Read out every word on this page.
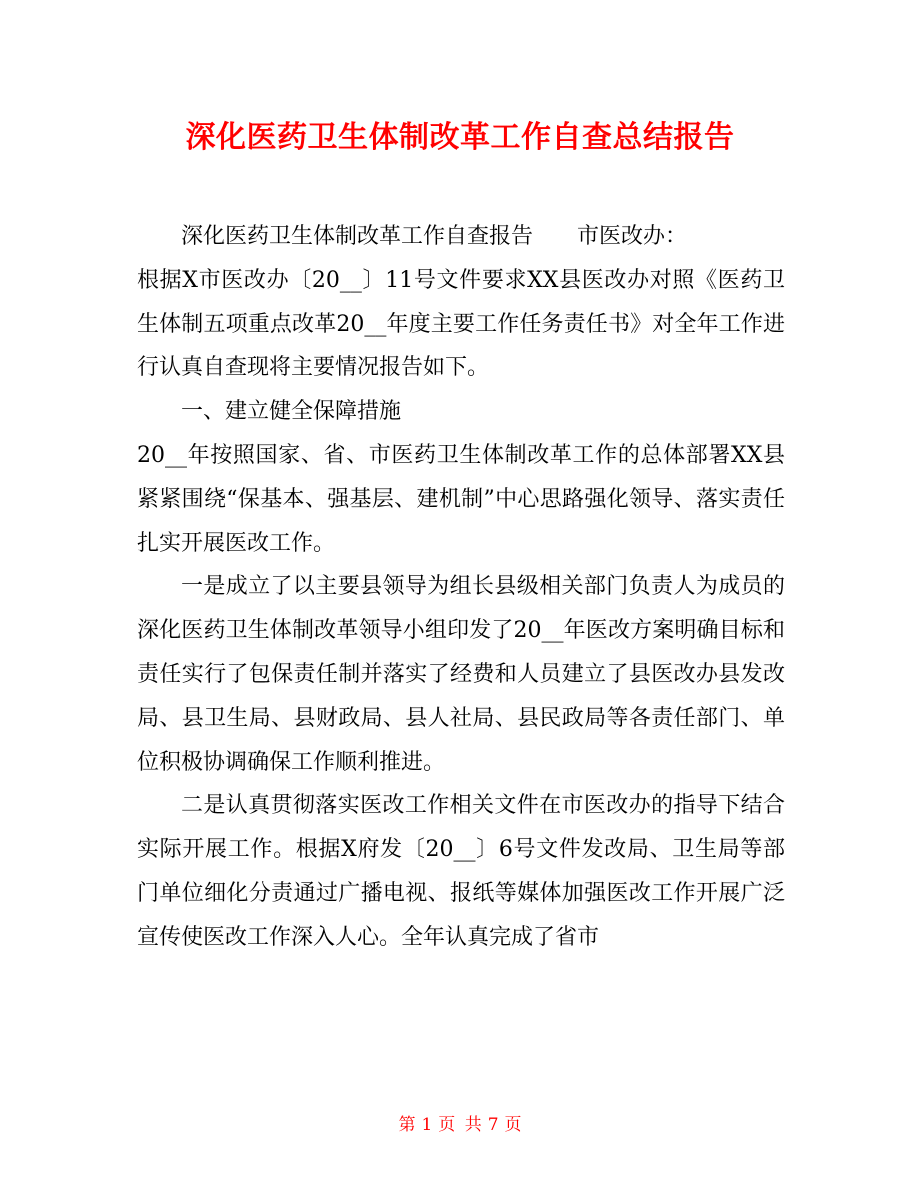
深化医药卫生体制改革工作自查总结报告

深化医药卫生体制改革工作自查报告　　市医改办：

根据X市医改办〔20__〕11号文件要求XX县医改办对照《医药卫生体制五项重点改革20__年度主要工作任务责任书》对全年工作进行认真自查现将主要情况报告如下。

一、建立健全保障措施

20__年按照国家、省、市医药卫生体制改革工作的总体部署XX县紧紧围绕“保基本、强基层、建机制”中心思路强化领导、落实责任扎实开展医改工作。

一是成立了以主要县领导为组长县级相关部门负责人为成员的深化医药卫生体制改革领导小组印发了20__年医改方案明确目标和责任实行了包保责任制并落实了经费和人员建立了县医改办县发改局、县卫生局、县财政局、县人社局、县民政局等各责任部门、单位积极协调确保工作顺利推进。

二是认真贯彻落实医改工作相关文件在市医改办的指导下结合实际开展工作。根据X府发〔20__〕6号文件发改局、卫生局等部门单位细化分责通过广播电视、报纸等媒体加强医改工作开展广泛宣传使医改工作深入人心。全年认真完成了省市

第 1 页 共 7 页
